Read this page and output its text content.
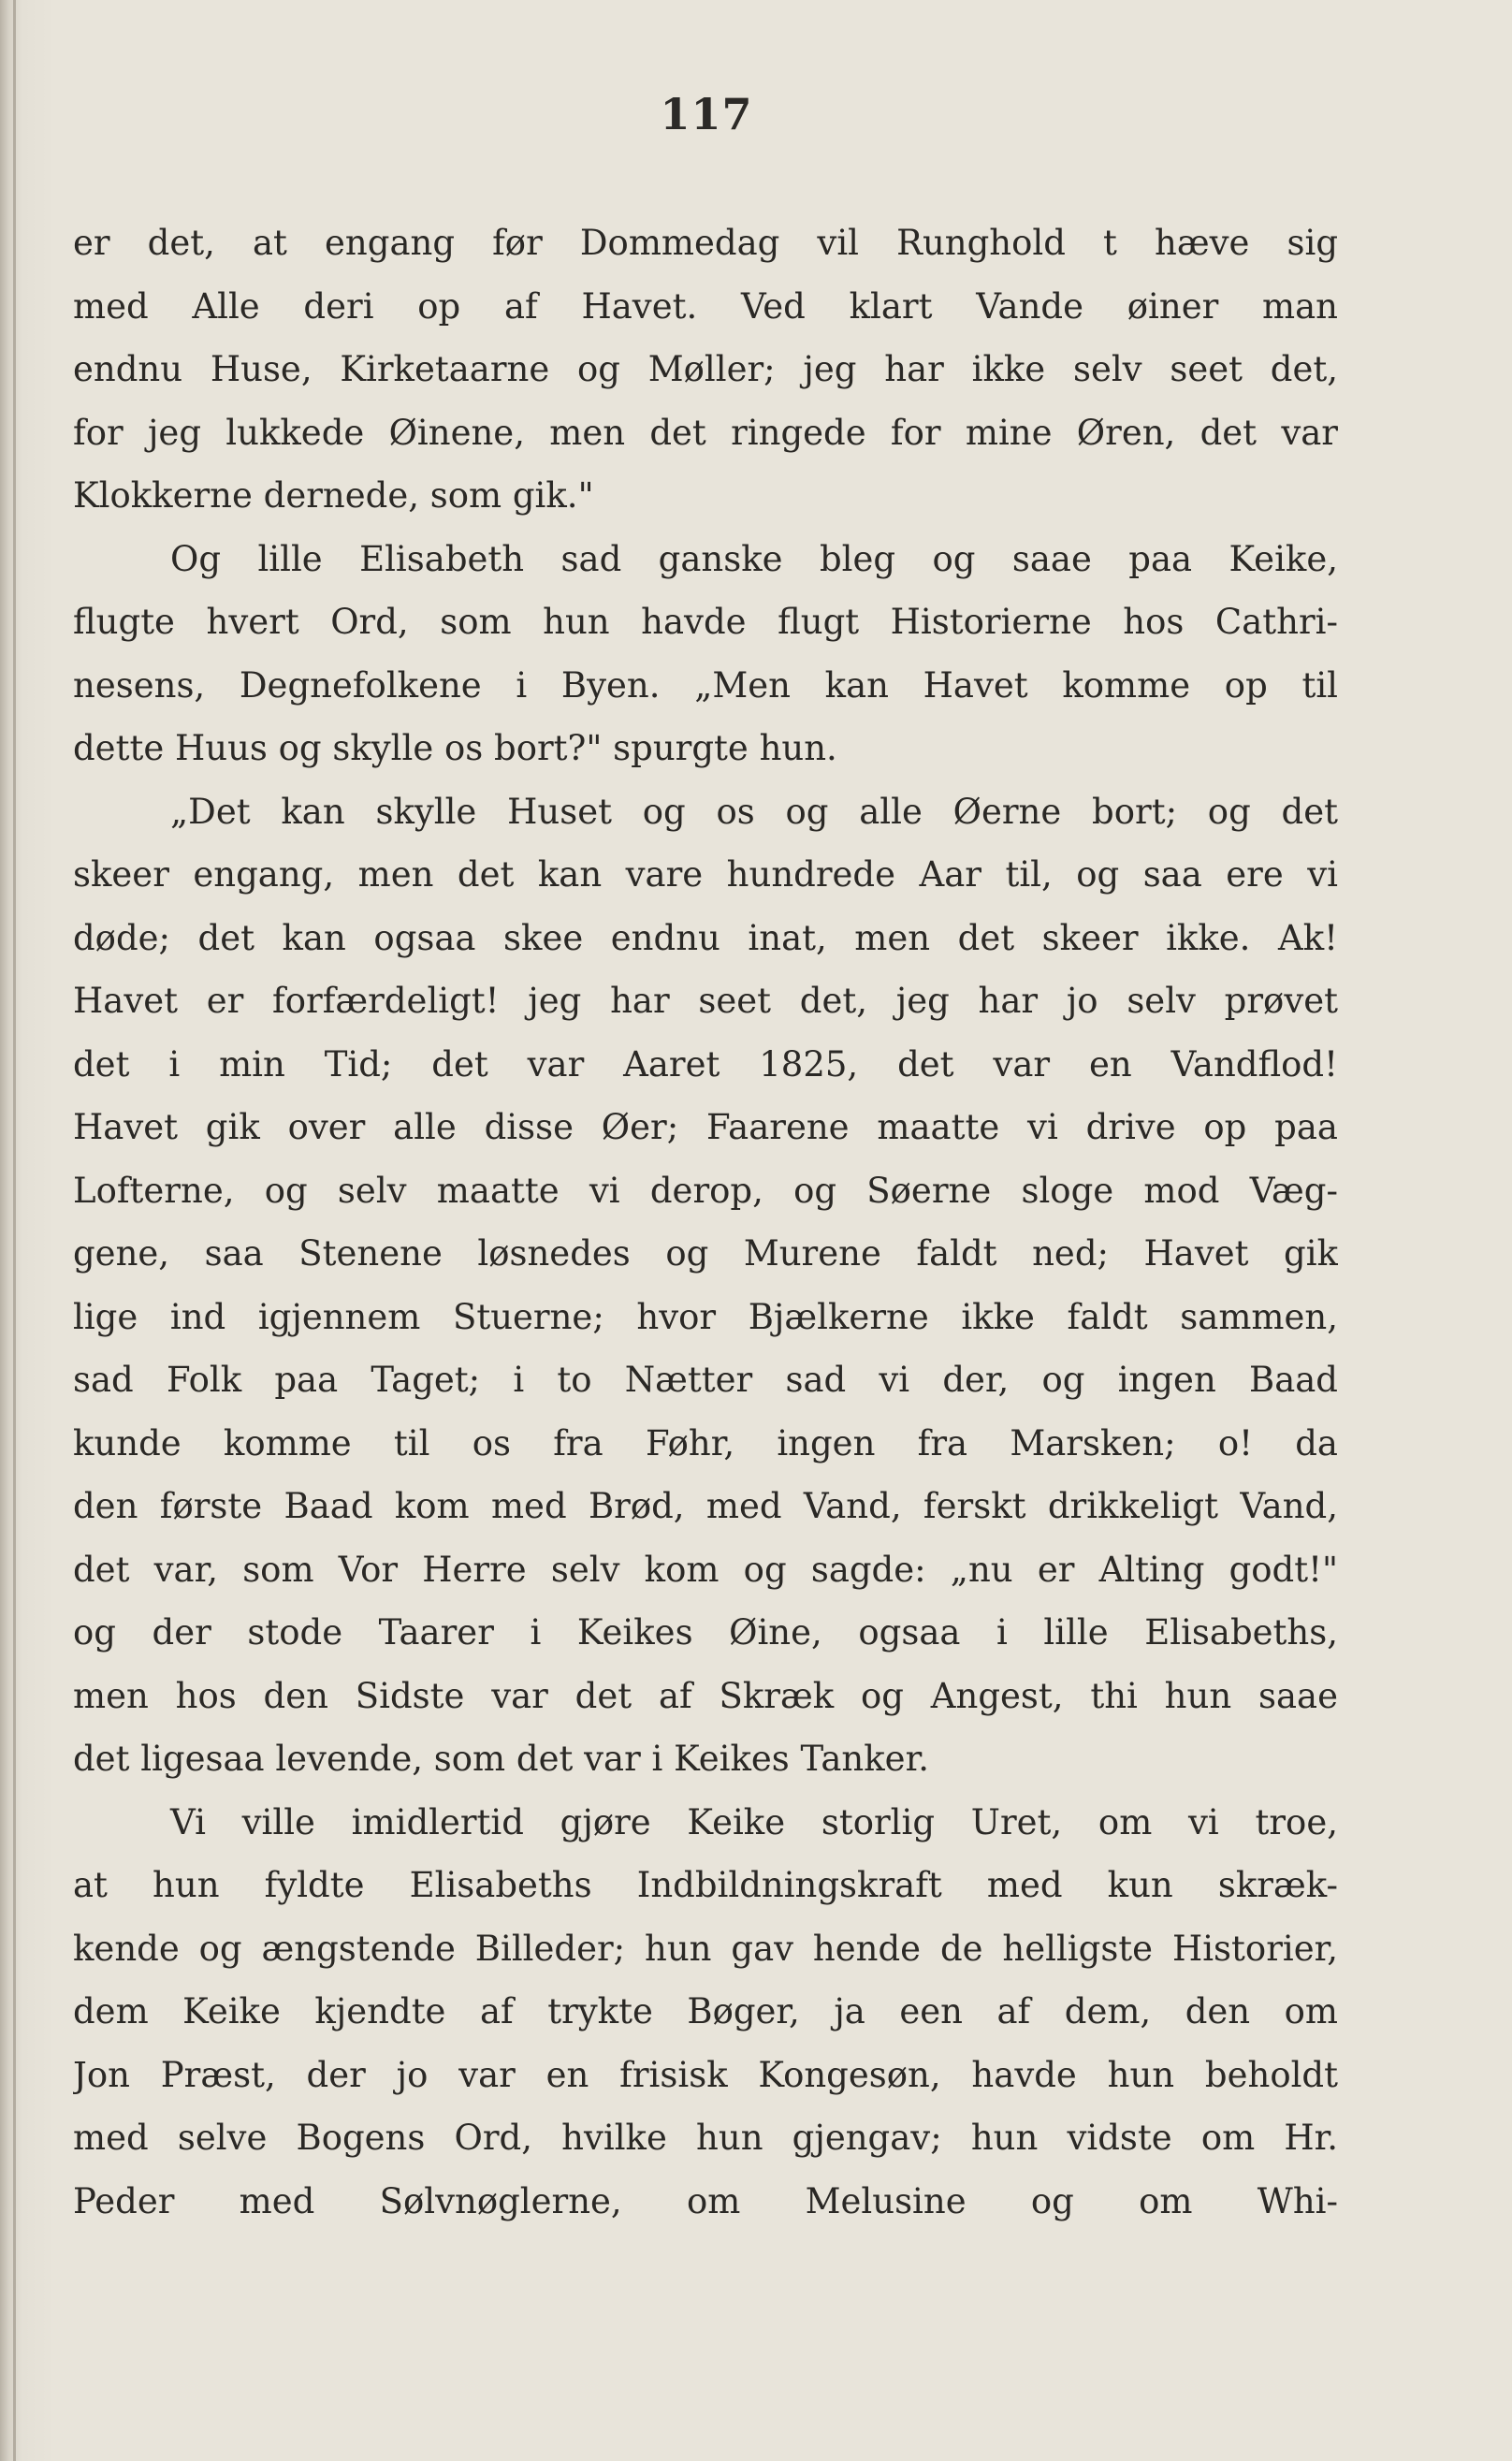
117
er det, at engang før Dommedag vil Runghold t hæve sig
med Alle deri op af Havet. Ved klart Vande øiner man
endnu Huse, Kirketaarne og Møller; jeg har ikke selv seet det,
for jeg lukkede Øinene, men det ringede for mine Øren, det var
Klokkerne dernede, som gik."
Og lille Elisabeth sad ganske bleg og saae paa Keike,
flugte hvert Ord, som hun havde flugt Historierne hos Cathri-
nesens, Degnefolkene i Byen. „Men kan Havet komme op til
dette Huus og skylle os bort?" spurgte hun.
„Det kan skylle Huset og os og alle Øerne bort; og det
skeer engang, men det kan vare hundrede Aar til, og saa ere vi
døde; det kan ogsaa skee endnu inat, men det skeer ikke. Ak!
Havet er forfærdeligt! jeg har seet det, jeg har jo selv prøvet
det i min Tid; det var Aaret 1825, det var en Vandflod!
Havet gik over alle disse Øer; Faarene maatte vi drive op paa
Lofterne, og selv maatte vi derop, og Søerne sloge mod Væg-
gene, saa Stenene løsnedes og Murene faldt ned; Havet gik
lige ind igjennem Stuerne; hvor Bjælkerne ikke faldt sammen,
sad Folk paa Taget; i to Nætter sad vi der, og ingen Baad
kunde komme til os fra Føhr, ingen fra Marsken; o! da
den første Baad kom med Brød, med Vand, ferskt drikkeligt Vand,
det var, som Vor Herre selv kom og sagde: „nu er Alting godt!"
og der stode Taarer i Keikes Øine, ogsaa i lille Elisabeths,
men hos den Sidste var det af Skræk og Angest, thi hun saae
det ligesaa levende, som det var i Keikes Tanker.
Vi ville imidlertid gjøre Keike storlig Uret, om vi troe,
at hun fyldte Elisabeths Indbildningskraft med kun skræk-
kende og ængstende Billeder; hun gav hende de helligste Historier,
dem Keike kjendte af trykte Bøger, ja een af dem, den om
Jon Præst, der jo var en frisisk Kongesøn, havde hun beholdt
med selve Bogens Ord, hvilke hun gjengav; hun vidste om Hr.
Peder med Sølvnøglerne, om Melusine og om Whi-
